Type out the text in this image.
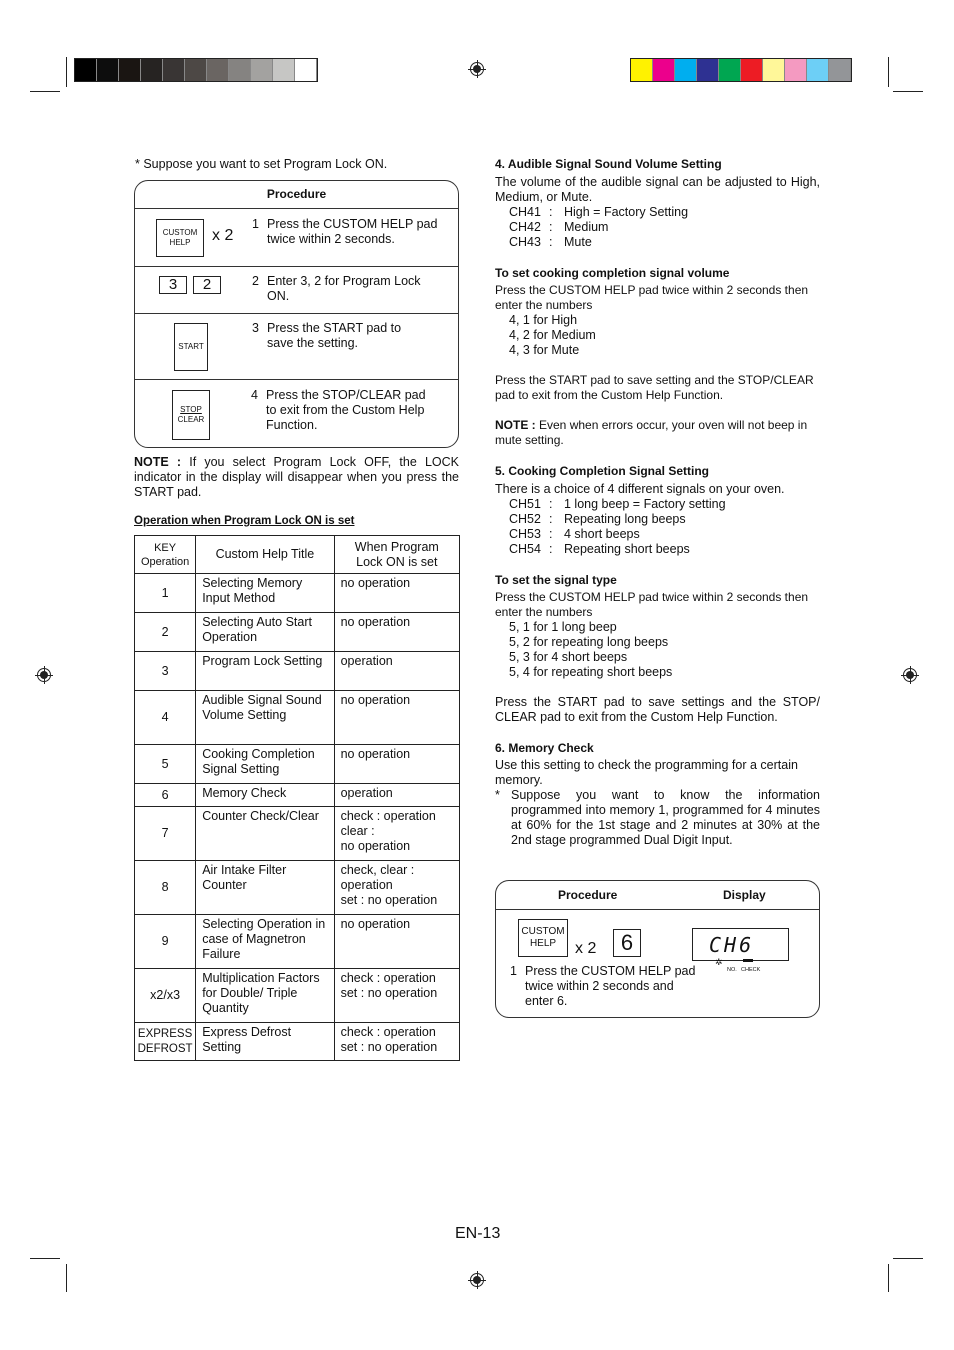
* Suppose you want to set Program Lock ON.
Procedure
CUSTOM
HELP x 2
1 Press the CUSTOM HELP pad
twice within 2 seconds.
3	2	2 Enter 3, 2 for Program Lock
ON.
START
3 Press the START pad to
save the setting.
STOP
CLEAR
4 Press the STOP/CLEAR pad
to exit from the Custom Help
Function.
NOTE : If you select Program Lock OFF, the LOCK indicator in the display will disappear when you press the START pad.
Operation when Program Lock ON is set
KEY
Operation	Custom Help Title	When Program Lock ON is set
1	Selecting Memory Input Method	no operation
2	Selecting Auto Start Operation	no operation
3	Program Lock Setting	operation
4	Audible Signal Sound Volume Setting	no operation
5	Cooking Completion Signal Setting	no operation
6	Memory Check	operation
7	Counter Check/Clear	check : operation
clear :
no operation
8	Air Intake Filter Counter	check, clear :
operation
set : no operation
9	Selecting Operation in case of Magnetron Failure	no operation
x2/x3	Multiplication Factors for Double/ Triple Quantity	check : operation
set : no operation
EXPRESS
DEFROST	Express Defrost Setting	check : operation
set : no operation
4. Audible Signal Sound Volume Setting
The volume of the audible signal can be adjusted to High, Medium, or Mute.
CH41 : High = Factory Setting
CH42 : Medium
CH43 : Mute
To set cooking completion signal volume
Press the CUSTOM HELP pad twice within 2 seconds then enter the numbers
4, 1 for High
4, 2 for Medium
4, 3 for Mute
Press the START pad to save setting and the STOP/CLEAR pad to exit from the Custom Help Function.
NOTE : Even when errors occur, your oven will not beep in mute setting.
5. Cooking Completion Signal Setting
There is a choice of 4 different signals on your oven.
CH51 : 1 long beep = Factory setting
CH52 : Repeating long beeps
CH53 : 4 short beeps
CH54 : Repeating short beeps
To set the signal type
Press the CUSTOM HELP pad twice within 2 seconds then enter the numbers
5, 1 for 1 long beep
5, 2 for repeating long beeps
5, 3 for 4 short beeps
5, 4 for repeating short beeps
Press the START pad to save settings and the STOP/ CLEAR pad to exit from the Custom Help Function.
6. Memory Check
Use this setting to check the programming for a certain memory.
* Suppose you want to know the information programmed into memory 1, programmed for 4 minutes at 60% for the 1st stage and 2 minutes at 30% at the 2nd stage programmed Dual Digit Input.
Procedure	Display
CUSTOM
HELP x 2	6	CH6
✲
NO. CHECK
1 Press the CUSTOM HELP pad twice within 2 seconds and enter 6.
EN-13
